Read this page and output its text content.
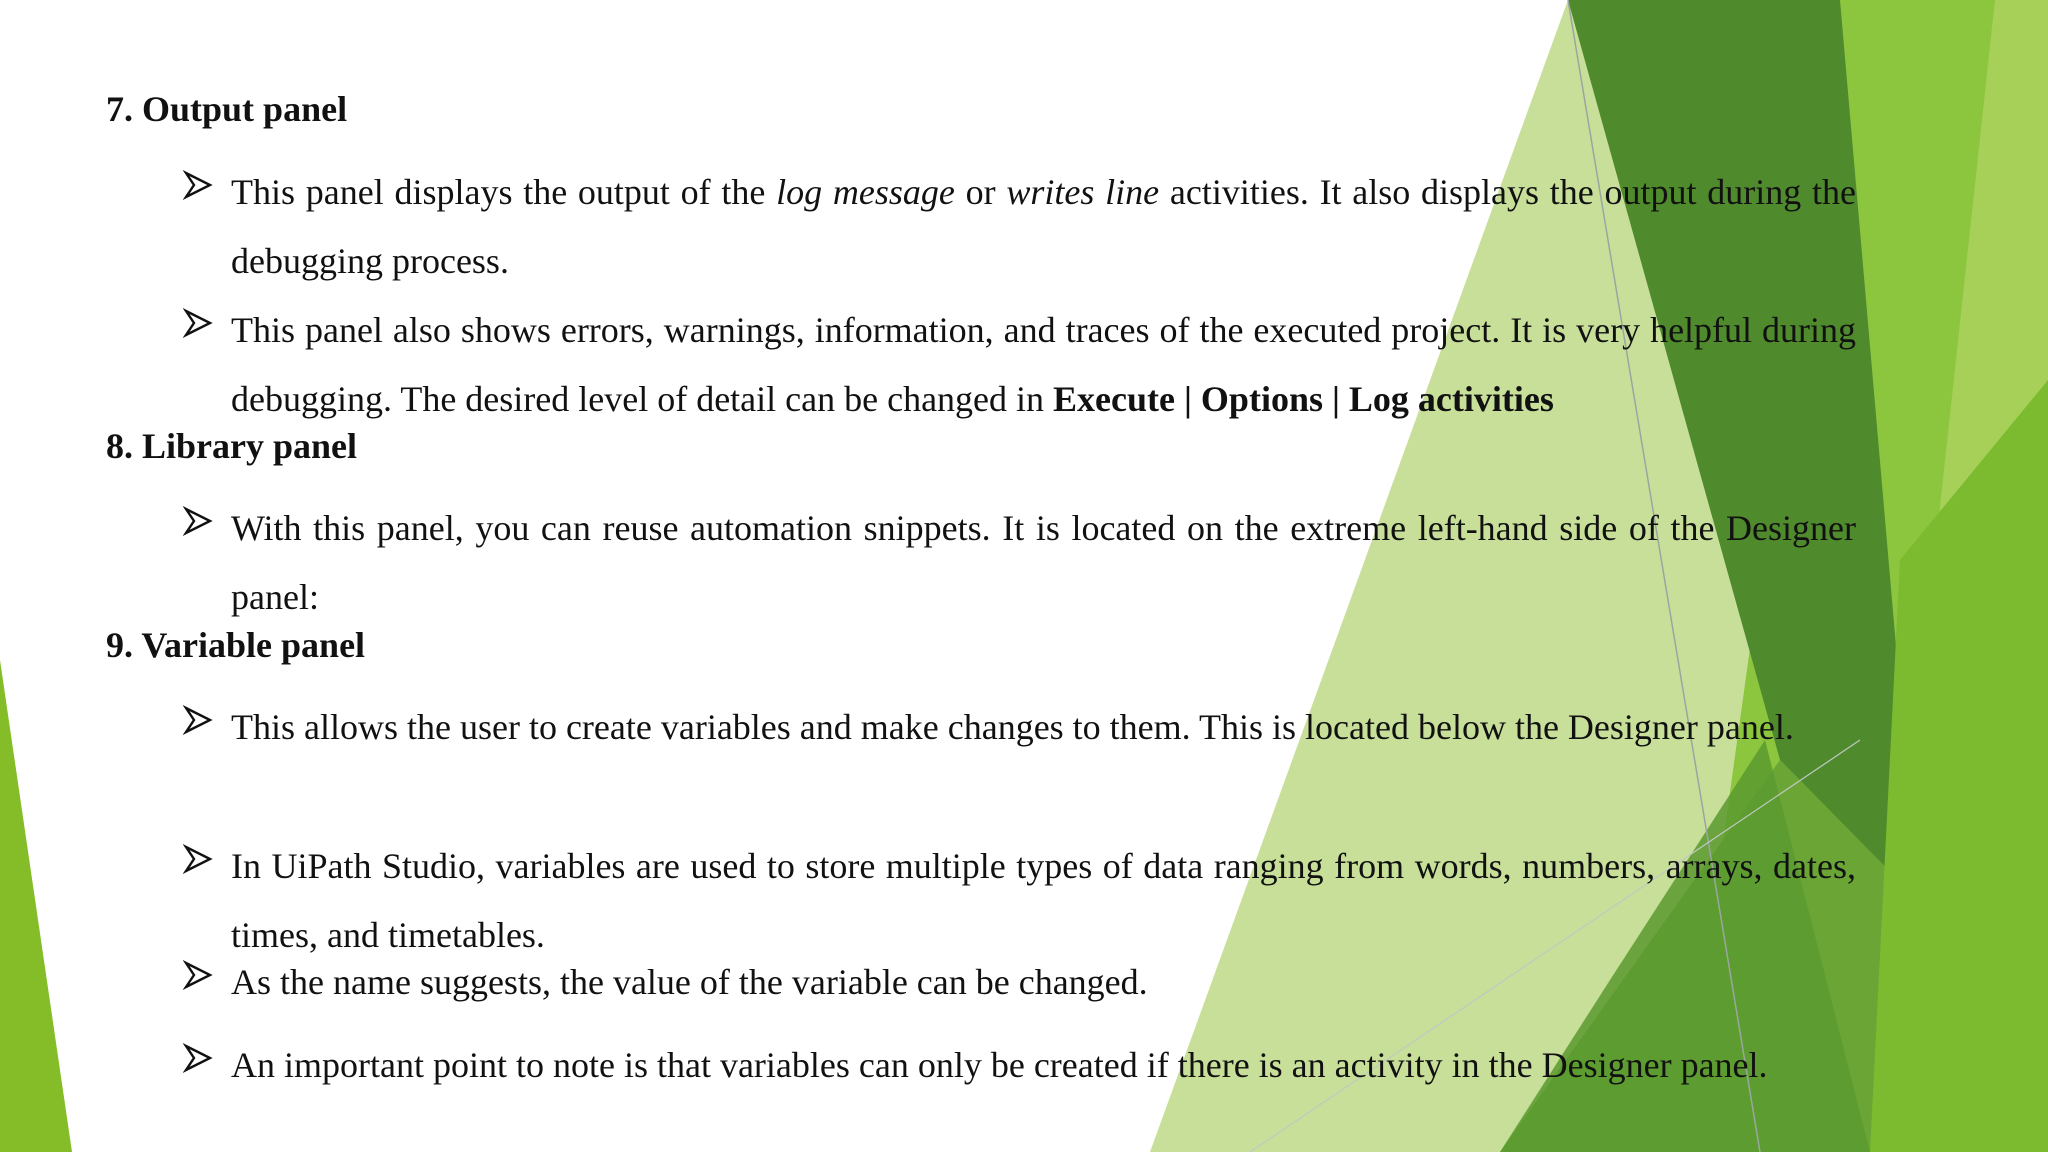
7. Output panel

This panel displays the output of the log message or writes line activities. It also displays the output during the debugging process.

This panel also shows errors, warnings, information, and traces of the executed project. It is very helpful during debugging. The desired level of detail can be changed in Execute | Options | Log activities

8. Library panel

With this panel, you can reuse automation snippets. It is located on the extreme left-hand side of the Designer panel:

9. Variable panel

This allows the user to create variables and make changes to them. This is located below the Designer panel.

In UiPath Studio, variables are used to store multiple types of data ranging from words, numbers, arrays, dates, times, and timetables.

As the name suggests, the value of the variable can be changed.

An important point to note is that variables can only be created if there is an activity in the Designer panel.
